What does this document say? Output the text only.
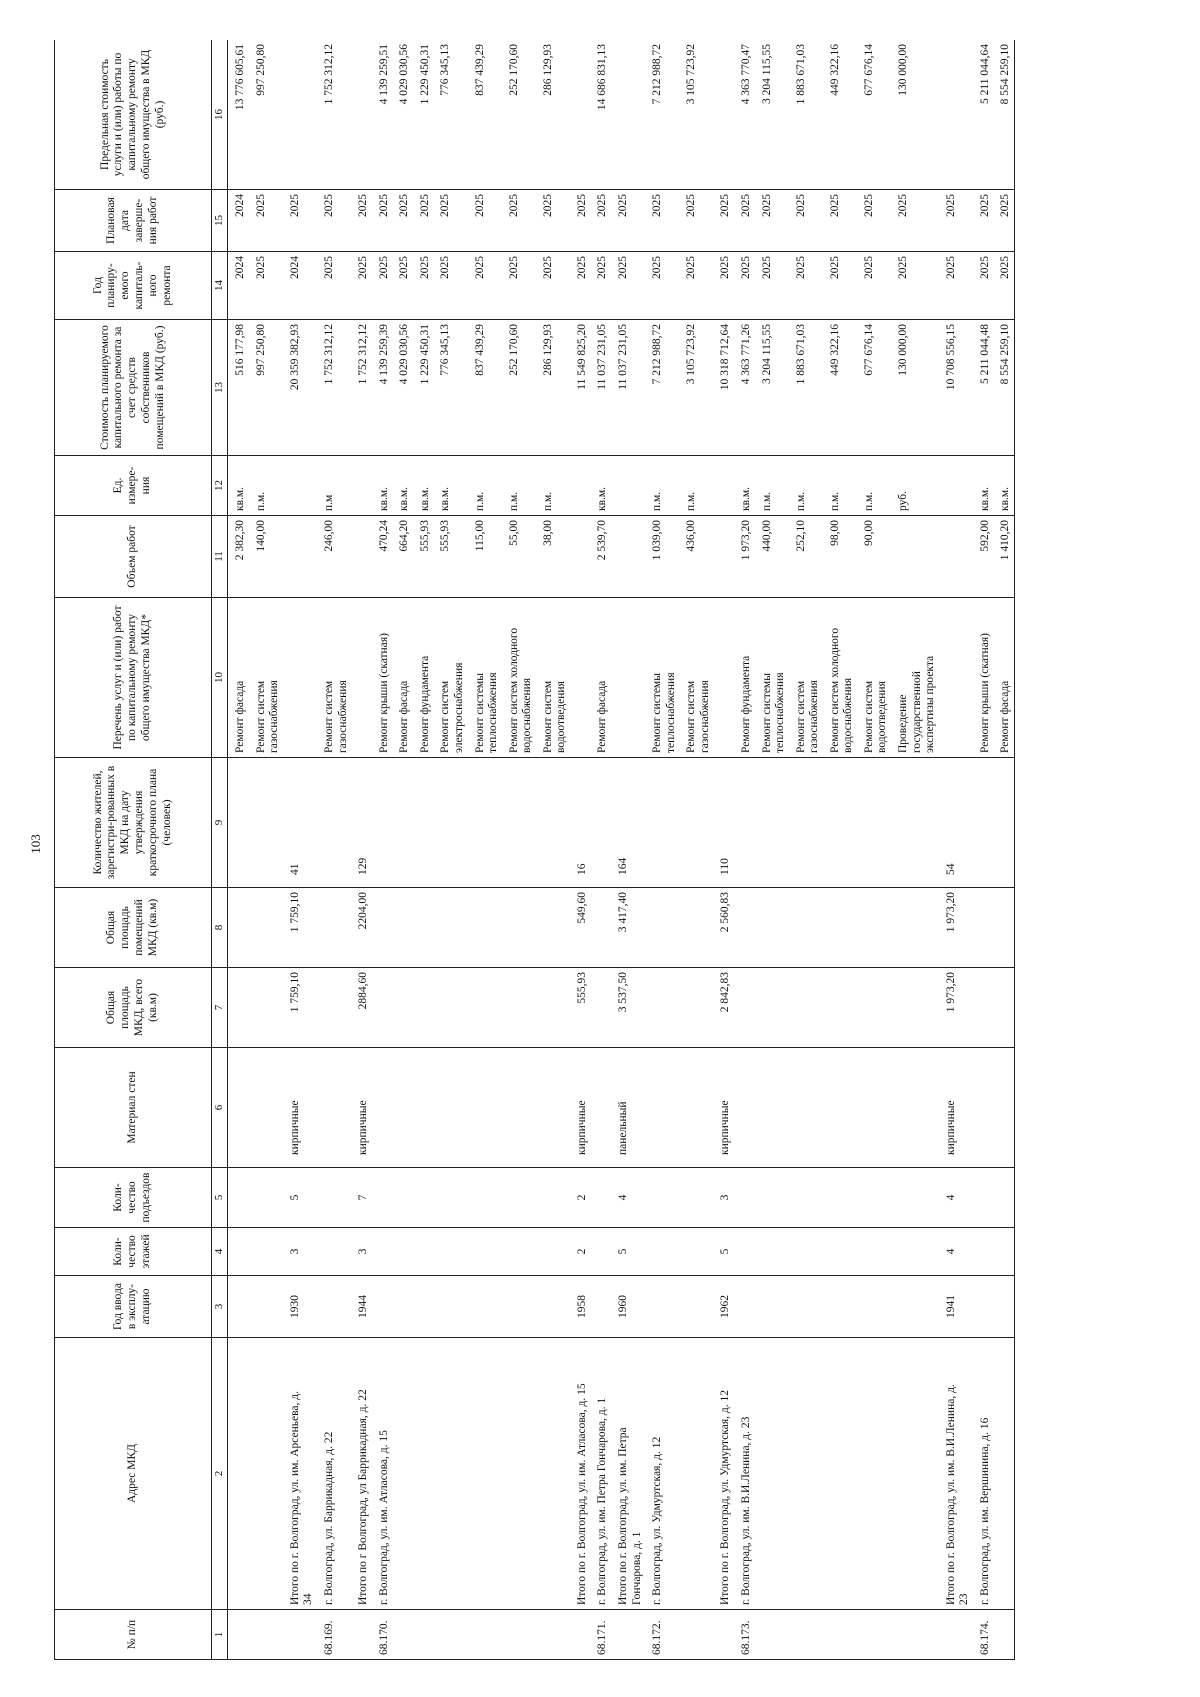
103
№ п/п	Адрес МКД	Год ввода в эксплу-атацию	Коли-чество этажей	Коли-чество подъездов	Материал стен	Общая площадь МКД, всего (кв.м)	Общая площадь помещений МКД (кв.м)	Количество жителей, зарегистри-рованных в МКД на дату утверждения краткосрочного плана (человек)	Перечень услуг и (или) работ по капитальному ремонту общего имущества МКД*	Объем работ	Ед. измере-ния	Стоимость планируемого капитального ремонта за счет средств собственников помещений в МКД (руб.)	Год планиру-емого капиталь-ного ремонта	Плановая дата заверше-ния работ	Предельная стоимость услуги и (или) работы по капитальному ремонту общего имущества в МКД (руб.)
1	2	3	4	5	6	7	8	9	10	11	12	13	14	15	16
									Ремонт фасада	2 382,30	кв.м.	516 177,98	2024	2024	13 776 605,61
									Ремонт систем
газоснабжения	140,00	п.м.	997 250,80	2025	2025	997 250,80
	Итого по г. Волгоград, ул. им. Арсеньева, д.
34	1930	3	5	кирпичные	1 759,10	1 759,10	41				20 359 382,93	2024	2025	
68.169.	г. Волгоград, ул. Баррикадная, д. 22								Ремонт систем
газоснабжения	246,00	п.м	1 752 312,12	2025	2025	1 752 312,12
	Итого по г Волгоград, ул Баррикадная, д. 22	1944	3	7	кирпичные	2884,60	2204,00	129				1 752 312,12	2025	2025	
68.170.	г. Волгоград, ул. им. Атласова, д. 15								Ремонт крыши (скатная)	470,24	кв.м.	4 139 259,39	2025	2025	4 139 259,51
									Ремонт фасада	664,20	кв.м.	4 029 030,56	2025	2025	4 029 030,56
									Ремонт фундамента	555,93	кв.м.	1 229 450,31	2025	2025	1 229 450,31
									Ремонт систем
электроснабжения	555,93	кв.м.	776 345,13	2025	2025	776 345,13
									Ремонт системы
теплоснабжения	115,00	п.м.	837 439,29	2025	2025	837 439,29
									Ремонт систем холодного
водоснабжения	55,00	п.м.	252 170,60	2025	2025	252 170,60
									Ремонт систем
водоотведения	38,00	п.м.	286 129,93	2025	2025	286 129,93
	Итого по г. Волгоград, ул. им. Атласова, д. 15	1958	2	2	кирпичные	555,93	549,60	16				11 549 825,20	2025	2025	
68.171.	г. Волгоград, ул. им. Петра Гончарова, д. 1								Ремонт фасада	2 539,70	кв.м.	11 037 231,05	2025	2025	14 686 831,13
	Итого по г. Волгоград, ул. им. Петра
Гончарова, д. 1	1960	5	4	панельный	3 537,50	3 417,40	164				11 037 231,05	2025	2025	
68.172.	г. Волгоград, ул. Удмуртская, д. 12								Ремонт системы
теплоснабжения	1 039,00	п.м.	7 212 988,72	2025	2025	7 212 988,72
									Ремонт систем
газоснабжения	436,00	п.м.	3 105 723,92	2025	2025	3 105 723,92
	Итого по г. Волгоград, ул. Удмуртская, д. 12	1962	5	3	кирпичные	2 842,83	2 560,83	110				10 318 712,64	2025	2025	
68.173.	г. Волгоград, ул. им. В.И.Ленина, д. 23								Ремонт фундамента	1 973,20	кв.м.	4 363 771,26	2025	2025	4 363 770,47
									Ремонт системы
теплоснабжения	440,00	п.м.	3 204 115,55	2025	2025	3 204 115,55
									Ремонт систем
газоснабжения	252,10	п.м.	1 883 671,03	2025	2025	1 883 671,03
									Ремонт систем холодного
водоснабжения	98,00	п.м.	449 322,16	2025	2025	449 322,16
									Ремонт систем
водоотведения	90,00	п.м.	677 676,14	2025	2025	677 676,14
									Проведение
государственной
экспертизы проекта		руб.	130 000,00	2025	2025	130 000,00
	Итого по г. Волгоград, ул. им. В.И.Ленина, д.
23	1941	4	4	кирпичные	1 973,20	1 973,20	54				10 708 556,15	2025	2025	
68.174.	г. Волгоград, ул. им. Вершинина, д. 16								Ремонт крыши (скатная)	592,00	кв.м.	5 211 044,48	2025	2025	5 211 044,64
									Ремонт фасада	1 410,20	кв.м.	8 554 259,10	2025	2025	8 554 259,10
